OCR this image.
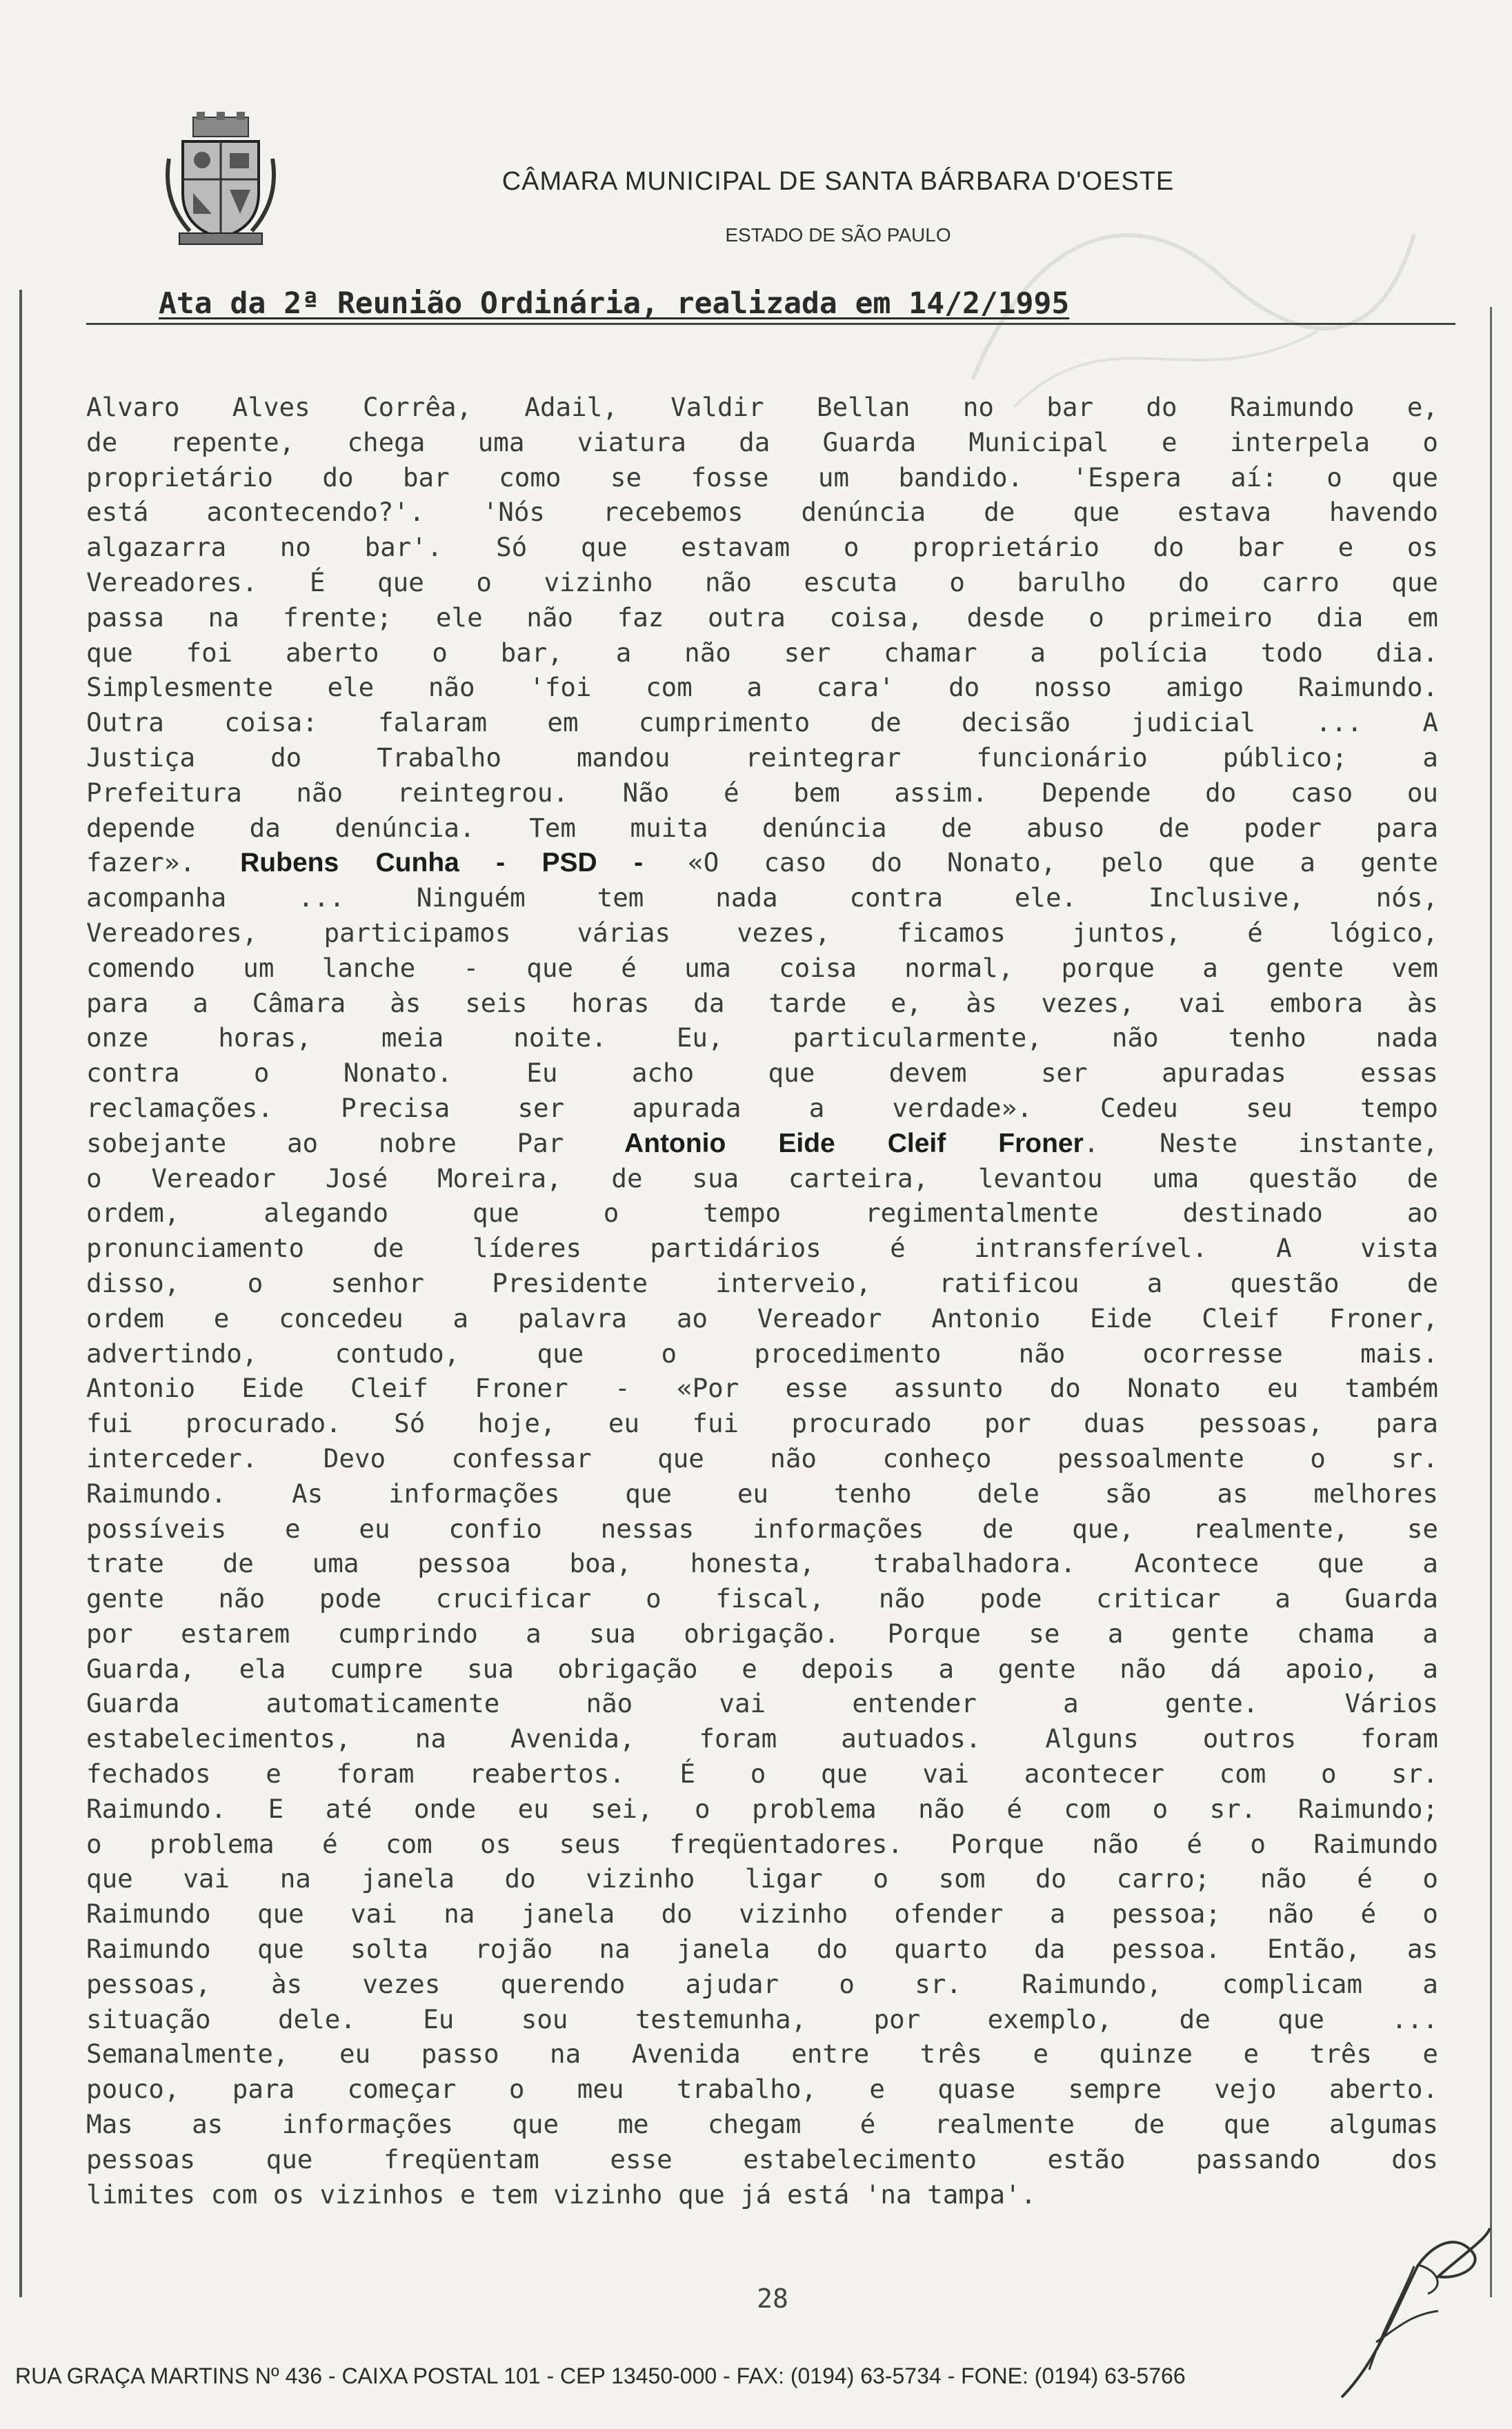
CÂMARA MUNICIPAL DE SANTA BÁRBARA D'OESTE
ESTADO DE SÃO PAULO
Ata da 2ª Reunião Ordinária, realizada em 14/2/1995
Alvaro Alves Corrêa, Adail, Valdir Bellan no bar do Raimundo e,
de repente, chega uma viatura da Guarda Municipal e interpela o
proprietário do bar como se fosse um bandido. 'Espera aí: o que
está acontecendo?'. 'Nós recebemos denúncia de que estava havendo
algazarra no bar'. Só que estavam o proprietário do bar e os
Vereadores. É que o vizinho não escuta o barulho do carro que
passa na frente; ele não faz outra coisa, desde o primeiro dia em
que foi aberto o bar, a não ser chamar a polícia todo dia.
Simplesmente ele não 'foi com a cara' do nosso amigo Raimundo.
Outra coisa: falaram em cumprimento de decisão judicial ... A
Justiça do Trabalho mandou reintegrar funcionário público; a
Prefeitura não reintegrou. Não é bem assim. Depende do caso ou
depende da denúncia. Tem muita denúncia de abuso de poder para
fazer». Rubens Cunha - PSD - «O caso do Nonato, pelo que a gente
acompanha ... Ninguém tem nada contra ele. Inclusive, nós,
Vereadores, participamos várias vezes, ficamos juntos, é lógico,
comendo um lanche - que é uma coisa normal, porque a gente vem
para a Câmara às seis horas da tarde e, às vezes, vai embora às
onze horas, meia noite. Eu, particularmente, não tenho nada
contra o Nonato. Eu acho que devem ser apuradas essas
reclamações. Precisa ser apurada a verdade». Cedeu seu tempo
sobejante ao nobre Par Antonio Eide Cleif Froner. Neste instante,
o Vereador José Moreira, de sua carteira, levantou uma questão de
ordem, alegando que o tempo regimentalmente destinado ao
pronunciamento de líderes partidários é intransferível. A vista
disso, o senhor Presidente interveio, ratificou a questão de
ordem e concedeu a palavra ao Vereador Antonio Eide Cleif Froner,
advertindo, contudo, que o procedimento não ocorresse mais.
Antonio Eide Cleif Froner - «Por esse assunto do Nonato eu também
fui procurado. Só hoje, eu fui procurado por duas pessoas, para
interceder. Devo confessar que não conheço pessoalmente o sr.
Raimundo. As informações que eu tenho dele são as melhores
possíveis e eu confio nessas informações de que, realmente, se
trate de uma pessoa boa, honesta, trabalhadora. Acontece que a
gente não pode crucificar o fiscal, não pode criticar a Guarda
por estarem cumprindo a sua obrigação. Porque se a gente chama a
Guarda, ela cumpre sua obrigação e depois a gente não dá apoio, a
Guarda automaticamente não vai entender a gente. Vários
estabelecimentos, na Avenida, foram autuados. Alguns outros foram
fechados e foram reabertos. É o que vai acontecer com o sr.
Raimundo. E até onde eu sei, o problema não é com o sr. Raimundo;
o problema é com os seus freqüentadores. Porque não é o Raimundo
que vai na janela do vizinho ligar o som do carro; não é o
Raimundo que vai na janela do vizinho ofender a pessoa; não é o
Raimundo que solta rojão na janela do quarto da pessoa. Então, as
pessoas, às vezes querendo ajudar o sr. Raimundo, complicam a
situação dele. Eu sou testemunha, por exemplo, de que ...
Semanalmente, eu passo na Avenida entre três e quinze e três e
pouco, para começar o meu trabalho, e quase sempre vejo aberto.
Mas as informações que me chegam é realmente de que algumas
pessoas que freqüentam esse estabelecimento estão passando dos
limites com os vizinhos e tem vizinho que já está 'na tampa'.
28
RUA GRAÇA MARTINS Nº 436 - CAIXA POSTAL 101 - CEP 13450-000 - FAX: (0194) 63-5734 - FONE: (0194) 63-5766
